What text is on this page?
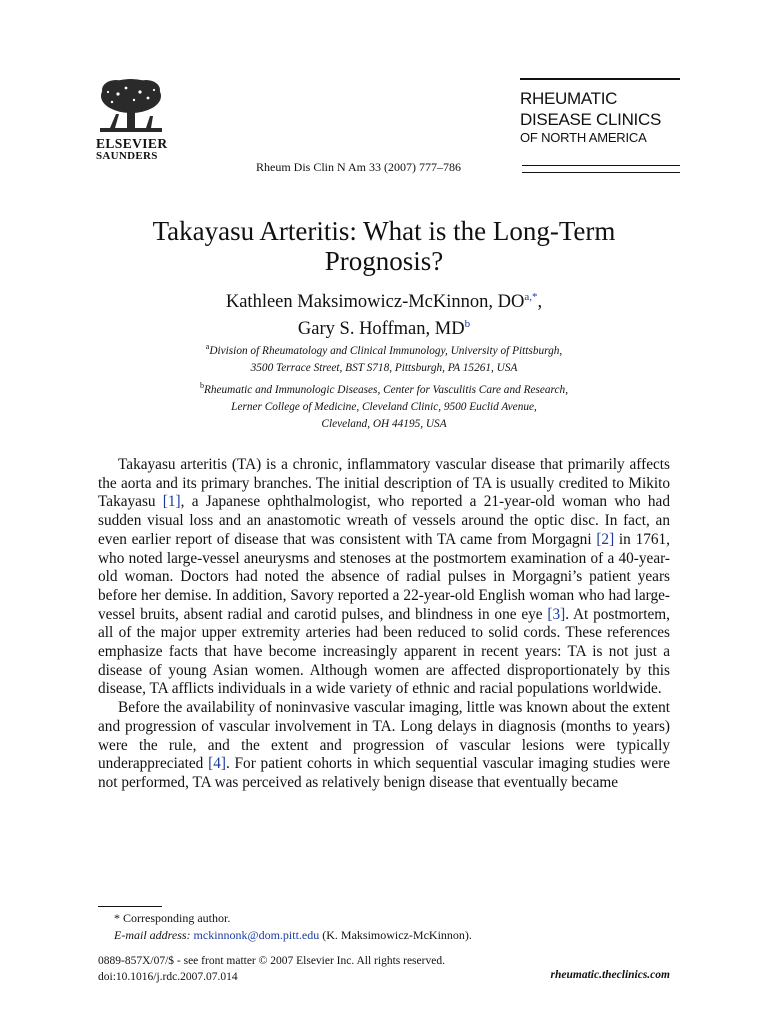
ELSEVIER
SAUNDERS
RHEUMATIC
DISEASE CLINICS
OF NORTH AMERICA
Rheum Dis Clin N Am 33 (2007) 777–786
Takayasu Arteritis: What is the Long-Term Prognosis?
Kathleen Maksimowicz-McKinnon, $DO^{a,*}$,
Gary S. Hoffman, $MD^b$
$^a$Division of Rheumatology and Clinical Immunology, University of Pittsburgh,
3500 Terrace Street, BST S718, Pittsburgh, PA 15261, USA
$^b$Rheumatic and Immunologic Diseases, Center for Vasculitis Care and Research,
Lerner College of Medicine, Cleveland Clinic, 9500 Euclid Avenue,
Cleveland, OH 44195, USA

Takayasu arteritis (TA) is a chronic, inflammatory vascular disease that primarily affects the aorta and its primary branches. The initial description of TA is usually credited to Mikito Takayasu [1], a Japanese ophthalmologist, who reported a 21-year-old woman who had sudden visual loss and an anastomotic wreath of vessels around the optic disc. In fact, an even earlier report of disease that was consistent with TA came from Morgagni [2] in 1761, who noted large-vessel aneurysms and stenoses at the postmortem examination of a 40-year-old woman. Doctors had noted the absence of radial pulses in Morgagni’s patient years before her demise. In addition, Savory reported a 22-year-old English woman who had large-vessel bruits, absent radial and carotid pulses, and blindness in one eye [3]. At postmortem, all of the major upper extremity arteries had been reduced to solid cords. These references emphasize facts that have become increasingly apparent in recent years: TA is not just a disease of young Asian women. Although women are affected disproportionately by this disease, TA afflicts individuals in a wide variety of ethnic and racial populations worldwide.

Before the availability of noninvasive vascular imaging, little was known about the extent and progression of vascular involvement in TA. Long delays in diagnosis (months to years) were the rule, and the extent and progression of vascular lesions were typically underappreciated [4]. For patient cohorts in which sequential vascular imaging studies were not performed, TA was perceived as relatively benign disease that eventually became

* Corresponding author.
E-mail address: mckinnonk@dom.pitt.edu (K. Maksimowicz-McKinnon).
0889-857X/07/$ - see front matter © 2007 Elsevier Inc. All rights reserved.
doi:10.1016/j.rdc.2007.07.014	rheumatic.theclinics.com
